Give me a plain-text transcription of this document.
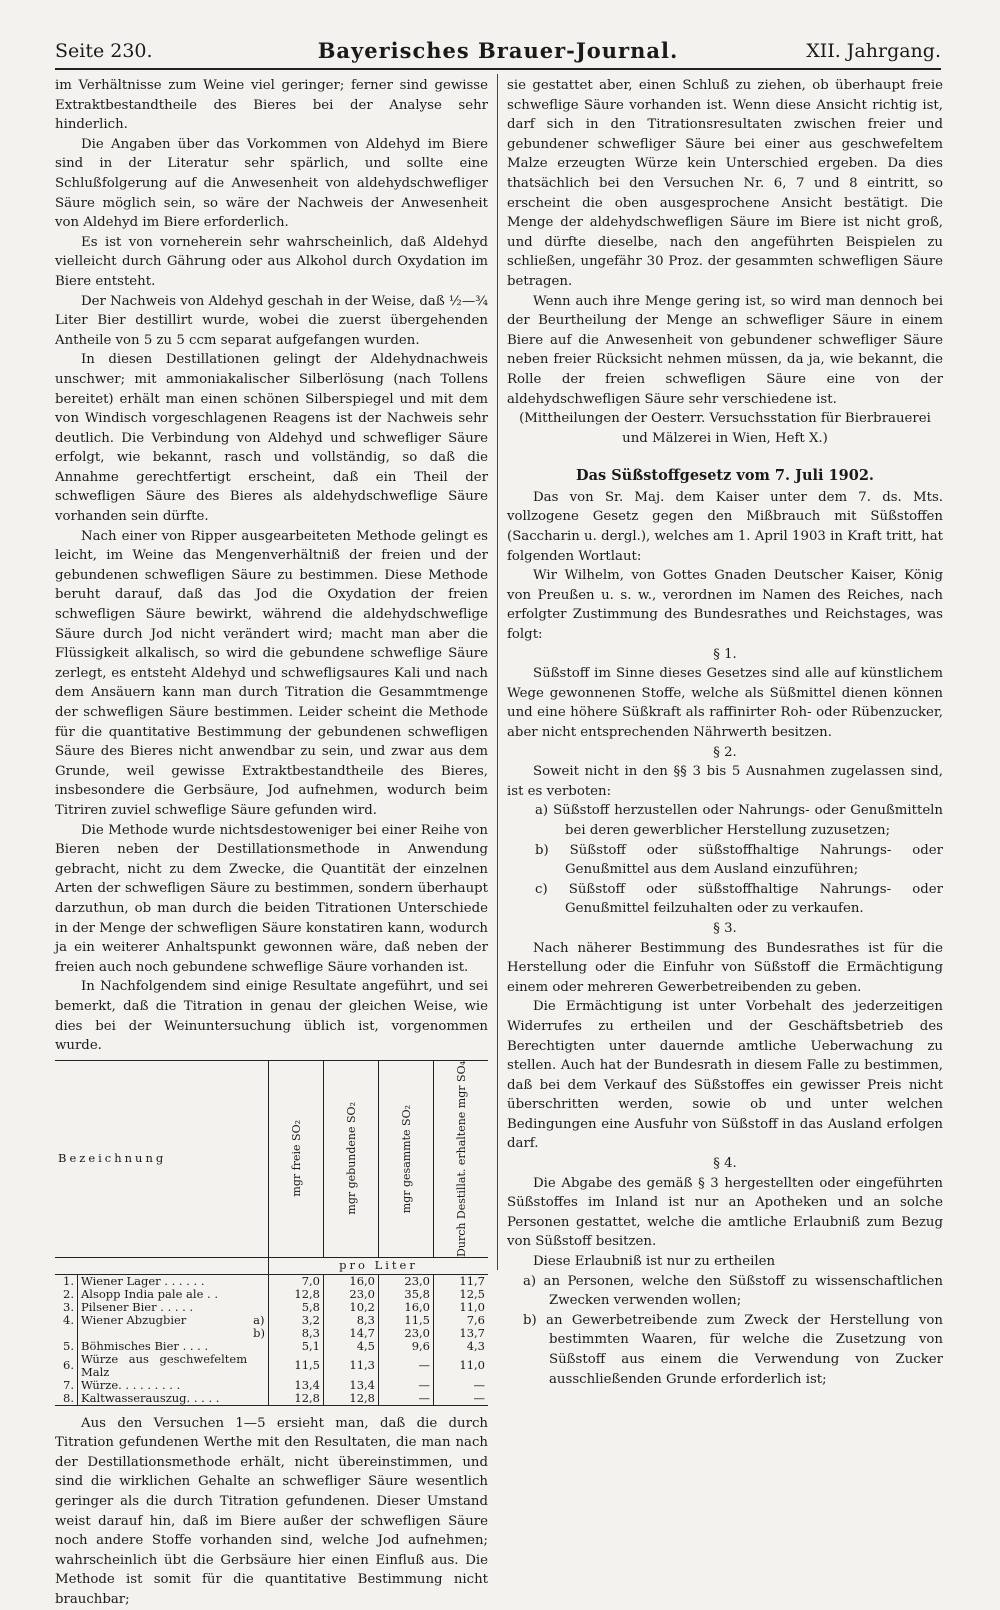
Seite 230.	Bayerisches Brauer-Journal.	XII. Jahrgang.

im Verhältnisse zum Weine viel geringer; ferner sind gewisse Extraktbestandtheile des Bieres bei der Analyse sehr hinderlich.

Die Angaben über das Vorkommen von Aldehyd im Biere sind in der Literatur sehr spärlich, und sollte eine Schlußfolgerung auf die Anwesenheit von aldehydschwefliger Säure möglich sein, so wäre der Nachweis der Anwesenheit von Aldehyd im Biere erforderlich.

Es ist von vorneherein sehr wahrscheinlich, daß Aldehyd vielleicht durch Gährung oder aus Alkohol durch Oxydation im Biere entsteht.

Der Nachweis von Aldehyd geschah in der Weise, daß ½—¾ Liter Bier destillirt wurde, wobei die zuerst übergehenden Antheile von 5 zu 5 ccm separat aufgefangen wurden.

In diesen Destillationen gelingt der Aldehydnachweis unschwer; mit ammoniakalischer Silberlösung (nach Tollens bereitet) erhält man einen schönen Silberspiegel und mit dem von Windisch vorgeschlagenen Reagens ist der Nachweis sehr deutlich. Die Verbindung von Aldehyd und schwefliger Säure erfolgt, wie bekannt, rasch und vollständig, so daß die Annahme gerechtfertigt erscheint, daß ein Theil der schwefligen Säure des Bieres als aldehydschweflige Säure vorhanden sein dürfte.

Nach einer von Ripper ausgearbeiteten Methode gelingt es leicht, im Weine das Mengenverhältniß der freien und der gebundenen schwefligen Säure zu bestimmen. Diese Methode beruht darauf, daß das Jod die Oxydation der freien schwefligen Säure bewirkt, während die aldehydschweflige Säure durch Jod nicht verändert wird; macht man aber die Flüssigkeit alkalisch, so wird die gebundene schweflige Säure zerlegt, es entsteht Aldehyd und schwefligsaures Kali und nach dem Ansäuern kann man durch Titration die Gesammtmenge der schwefligen Säure bestimmen. Leider scheint die Methode für die quantitative Bestimmung der gebundenen schwefligen Säure des Bieres nicht anwendbar zu sein, und zwar aus dem Grunde, weil gewisse Extraktbestandtheile des Bieres, insbesondere die Gerbsäure, Jod aufnehmen, wodurch beim Titriren zuviel schweflige Säure gefunden wird.

Die Methode wurde nichtsdestoweniger bei einer Reihe von Bieren neben der Destillationsmethode in Anwendung gebracht, nicht zu dem Zwecke, die Quantität der einzelnen Arten der schwefligen Säure zu bestimmen, sondern überhaupt darzuthun, ob man durch die beiden Titrationen Unterschiede in der Menge der schwefligen Säure konstatiren kann, wodurch ja ein weiterer Anhaltspunkt gewonnen wäre, daß neben der freien auch noch gebundene schweflige Säure vorhanden ist.

In Nachfolgendem sind einige Resultate angeführt, und sei bemerkt, daß die Titration in genau der gleichen Weise, wie dies bei der Weinuntersuchung üblich ist, vorgenommen wurde.

Bezeichnung			mgr freie SO₂	mgr gebundene SO₂	mgr gesammte SO₂	Durch Destillat. erhaltene mgr SO₄

			pro Liter			
1.	Wiener Lager . . . . . .		7,0	16,0	23,0	11,7
2.	Alsopp India pale ale . .		12,8	23,0	35,8	12,5
3.	Pilsener Bier . . . . .		5,8	10,2	16,0	11,0
4.	Wiener Abzugbier	a)	3,2	8,3	11,5	7,6
		b)	8,3	14,7	23,0	13,7
5.	Böhmisches Bier . . . .		5,1	4,5	9,6	4,3
6.	Würze aus geschwefeltem Malz		11,5	11,3	—	11,0
7.	Würze. . . . . . . . .		13,4	13,4	—	—
8.	Kaltwasserauszug. . . . .		12,8	12,8	—	—

Aus den Versuchen 1—5 ersieht man, daß die durch Titration gefundenen Werthe mit den Resultaten, die man nach der Destillationsmethode erhält, nicht übereinstimmen, und sind die wirklichen Gehalte an schwefliger Säure wesentlich geringer als die durch Titration gefundenen. Dieser Umstand weist darauf hin, daß im Biere außer der schwefligen Säure noch andere Stoffe vorhanden sind, welche Jod aufnehmen; wahrscheinlich übt die Gerbsäure hier einen Einfluß aus. Die Methode ist somit für die quantitative Bestimmung nicht brauchbar;

sie gestattet aber, einen Schluß zu ziehen, ob überhaupt freie schweflige Säure vorhanden ist. Wenn diese Ansicht richtig ist, darf sich in den Titrationsresultaten zwischen freier und gebundener schwefliger Säure bei einer aus geschwefeltem Malze erzeugten Würze kein Unterschied ergeben. Da dies thatsächlich bei den Versuchen Nr. 6, 7 und 8 eintritt, so erscheint die oben ausgesprochene Ansicht bestätigt. Die Menge der aldehydschwefligen Säure im Biere ist nicht groß, und dürfte dieselbe, nach den angeführten Beispielen zu schließen, ungefähr 30 Proz. der gesammten schwefligen Säure betragen.

Wenn auch ihre Menge gering ist, so wird man dennoch bei der Beurtheilung der Menge an schwefliger Säure in einem Biere auf die Anwesenheit von gebundener schwefliger Säure neben freier Rücksicht nehmen müssen, da ja, wie bekannt, die Rolle der freien schwefligen Säure eine von der aldehydschwefligen Säure sehr verschiedene ist.

(Mittheilungen der Oesterr. Versuchsstation für Bierbrauerei und Mälzerei in Wien, Heft X.)

Das Süßstoffgesetz vom 7. Juli 1902.

Das von Sr. Maj. dem Kaiser unter dem 7. ds. Mts. vollzogene Gesetz gegen den Mißbrauch mit Süßstoffen (Saccharin u. dergl.), welches am 1. April 1903 in Kraft tritt, hat folgenden Wortlaut:

Wir Wilhelm, von Gottes Gnaden Deutscher Kaiser, König von Preußen u. s. w., verordnen im Namen des Reiches, nach erfolgter Zustimmung des Bundesrathes und Reichstages, was folgt:

§ 1.

Süßstoff im Sinne dieses Gesetzes sind alle auf künstlichem Wege gewonnenen Stoffe, welche als Süßmittel dienen können und eine höhere Süßkraft als raffinirter Roh- oder Rübenzucker, aber nicht entsprechenden Nährwerth besitzen.

§ 2.

Soweit nicht in den §§ 3 bis 5 Ausnahmen zugelassen sind, ist es verboten:

a) Süßstoff herzustellen oder Nahrungs- oder Genußmitteln bei deren gewerblicher Herstellung zuzusetzen;

b) Süßstoff oder süßstoffhaltige Nahrungs- oder Genußmittel aus dem Ausland einzuführen;

c) Süßstoff oder süßstoffhaltige Nahrungs- oder Genußmittel feilzuhalten oder zu verkaufen.

§ 3.

Nach näherer Bestimmung des Bundesrathes ist für die Herstellung oder die Einfuhr von Süßstoff die Ermächtigung einem oder mehreren Gewerbetreibenden zu geben.

Die Ermächtigung ist unter Vorbehalt des jederzeitigen Widerrufes zu ertheilen und der Geschäftsbetrieb des Berechtigten unter dauernde amtliche Ueberwachung zu stellen. Auch hat der Bundesrath in diesem Falle zu bestimmen, daß bei dem Verkauf des Süßstoffes ein gewisser Preis nicht überschritten werden, sowie ob und unter welchen Bedingungen eine Ausfuhr von Süßstoff in das Ausland erfolgen darf.

§ 4.

Die Abgabe des gemäß § 3 hergestellten oder eingeführten Süßstoffes im Inland ist nur an Apotheken und an solche Personen gestattet, welche die amtliche Erlaubniß zum Bezug von Süßstoff besitzen.

Diese Erlaubniß ist nur zu ertheilen

a) an Personen, welche den Süßstoff zu wissenschaftlichen Zwecken verwenden wollen;

b) an Gewerbetreibende zum Zweck der Herstellung von bestimmten Waaren, für welche die Zusetzung von Süßstoff aus einem die Verwendung von Zucker ausschließenden Grunde erforderlich ist;
